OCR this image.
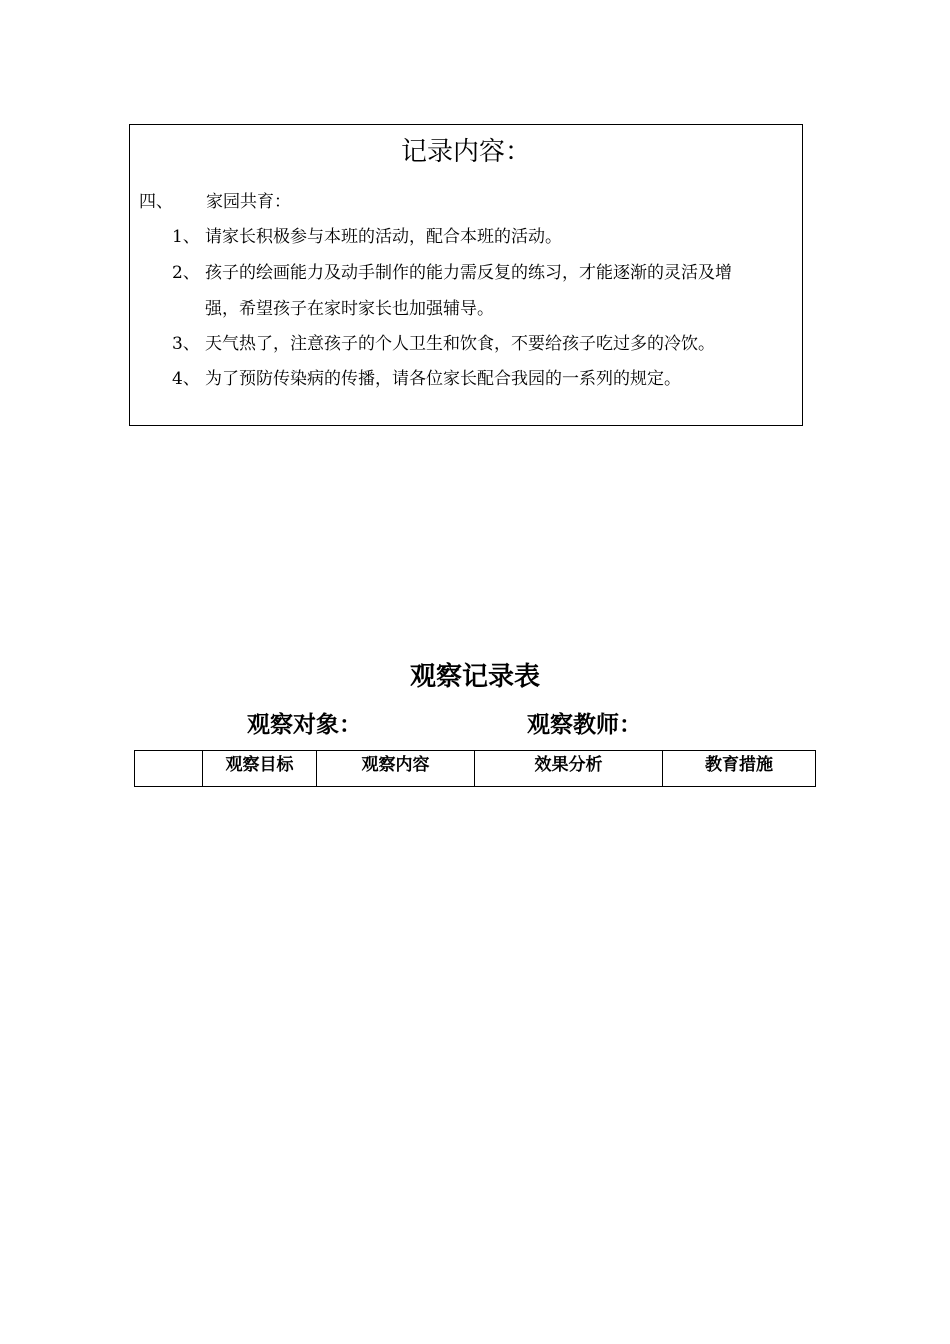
记录内容：
四、 家园共育：
1、 请家长积极参与本班的活动，配合本班的活动。
2、 孩子的绘画能力及动手制作的能力需反复的练习，才能逐渐的灵活及增
强，希望孩子在家时家长也加强辅导。
3、 天气热了，注意孩子的个人卫生和饮食，不要给孩子吃过多的冷饮。
4、 为了预防传染病的传播，请各位家长配合我园的一系列的规定。
观察记录表
观察对象：	观察教师：
	观察目标	观察内容	效果分析	教育措施
